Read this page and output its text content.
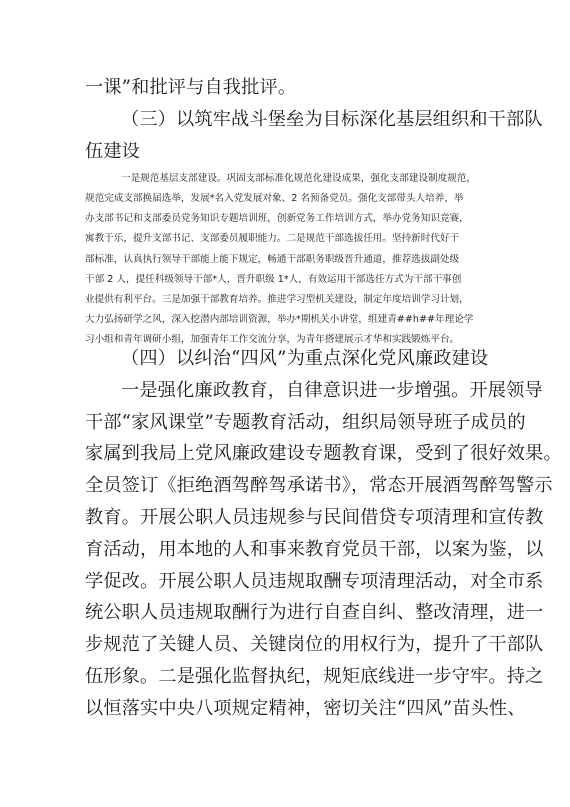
一课”和批评与自我批评。
（三）以筑牢战斗堡垒为目标深化基层组织和干部队
伍建设
一是规范基层支部建设。巩固支部标准化规范化建设成果，强化支部建设制度规范，
规范完成支部换届选举，发展*名入党发展对象、2 名预备党员。强化支部带头人培养，举
办支部书记和支部委员党务知识专题培训班，创新党务工作培训方式，举办党务知识竞赛，
寓教于乐，提升支部书记、支部委员履职能力。二是规范干部选拔任用。坚持新时代好干
部标准，认真执行领导干部能上能下规定，畅通干部职务职级晋升通道，推荐选拔副处级
干部 2 人，提任科级领导干部*人，晋升职级 1*人，有效运用干部选任方式为干部干事创
业提供有利平台。三是加强干部教育培养。推进学习型机关建设，制定年度培训学习计划，
大力弘扬研学之风，深入挖潜内部培训资源，举办*期机关小讲堂，组建青##h##年理论学
习小组和青年调研小组，加强青年工作交流分享，为青年搭建展示才华和实践锻炼平台。
（四）以纠治“四风”为重点深化党风廉政建设
一是强化廉政教育，自律意识进一步增强。开展领导
干部“家风课堂”专题教育活动，组织局领导班子成员的
家属到我局上党风廉政建设专题教育课，受到了很好效果。
全员签订《拒绝酒驾醉驾承诺书》，常态开展酒驾醉驾警示
教育。开展公职人员违规参与民间借贷专项清理和宣传教
育活动，用本地的人和事来教育党员干部，以案为鉴，以
学促改。开展公职人员违规取酬专项清理活动，对全市系
统公职人员违规取酬行为进行自查自纠、整改清理，进一
步规范了关键人员、关键岗位的用权行为，提升了干部队
伍形象。二是强化监督执纪，规矩底线进一步守牢。持之
以恒落实中央八项规定精神，密切关注“四风”苗头性、
